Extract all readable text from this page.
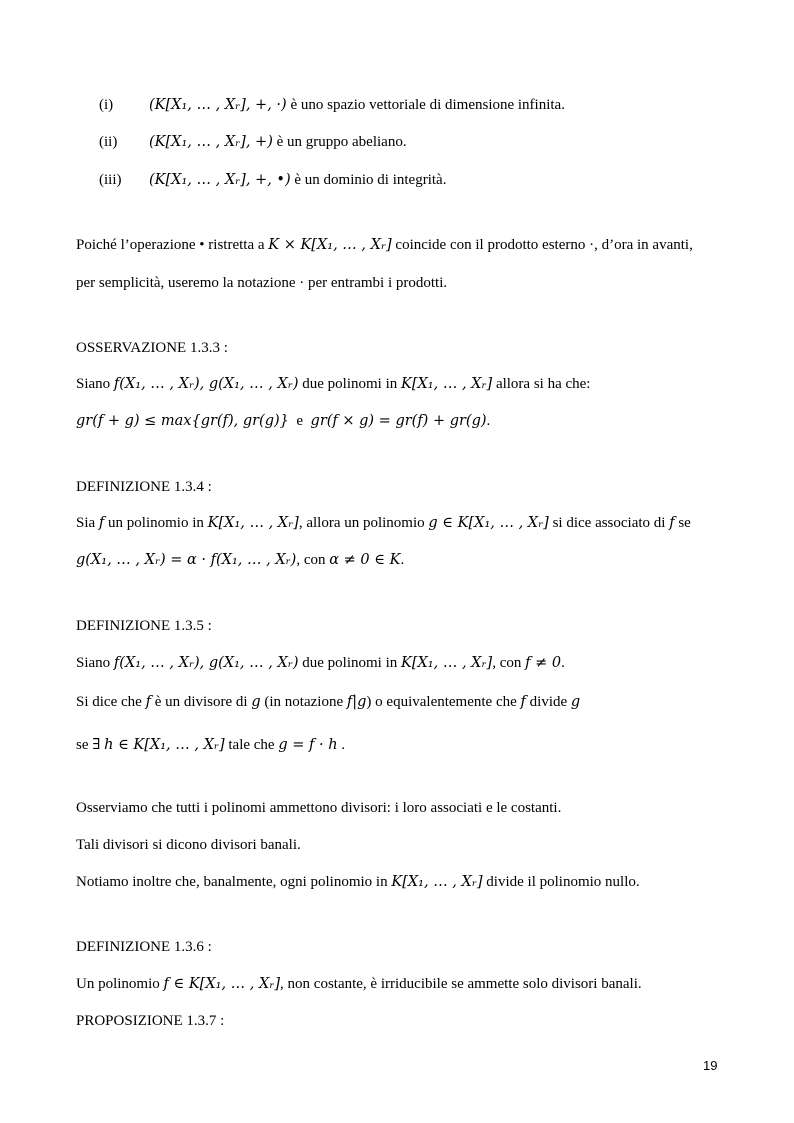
(i) (K[X₁, … , Xᵣ], +, ·) è uno spazio vettoriale di dimensione infinita.
(ii) (K[X₁, … , Xᵣ], +) è un gruppo abeliano.
(iii) (K[X₁, … , Xᵣ], +, •) è un dominio di integrità.
Poiché l’operazione • ristretta a K × K[X₁, … , Xᵣ] coincide con il prodotto esterno ·, d’ora in avanti,
per semplicità, useremo la notazione · per entrambi i prodotti.
OSSERVAZIONE 1.3.3 :
Siano f(X₁, … , Xᵣ), g(X₁, … , Xᵣ) due polinomi in K[X₁, … , Xᵣ] allora si ha che:
gr(f + g) ≤ max{gr(f), gr(g)}  e  gr(f × g) = gr(f) + gr(g).
DEFINIZIONE 1.3.4 :
Sia f un polinomio in K[X₁, … , Xᵣ], allora un polinomio g ∈ K[X₁, … , Xᵣ] si dice associato di f se
g(X₁, … , Xᵣ) = α · f(X₁, … , Xᵣ), con α ≠ 0 ∈ K.
DEFINIZIONE 1.3.5 :
Siano f(X₁, … , Xᵣ), g(X₁, … , Xᵣ) due polinomi in K[X₁, … , Xᵣ], con f ≠ 0.
Si dice che f è un divisore di g (in notazione f|g) o equivalentemente che f divide g
se ∃ h ∈ K[X₁, … , Xᵣ] tale che g = f · h .
Osserviamo che tutti i polinomi ammettono divisori: i loro associati e le costanti.
Tali divisori si dicono divisori banali.
Notiamo inoltre che, banalmente, ogni polinomio in K[X₁, … , Xᵣ] divide il polinomio nullo.
DEFINIZIONE 1.3.6 :
Un polinomio f ∈ K[X₁, … , Xᵣ], non costante, è irriducibile se ammette solo divisori banali.
PROPOSIZIONE 1.3.7 :
19
